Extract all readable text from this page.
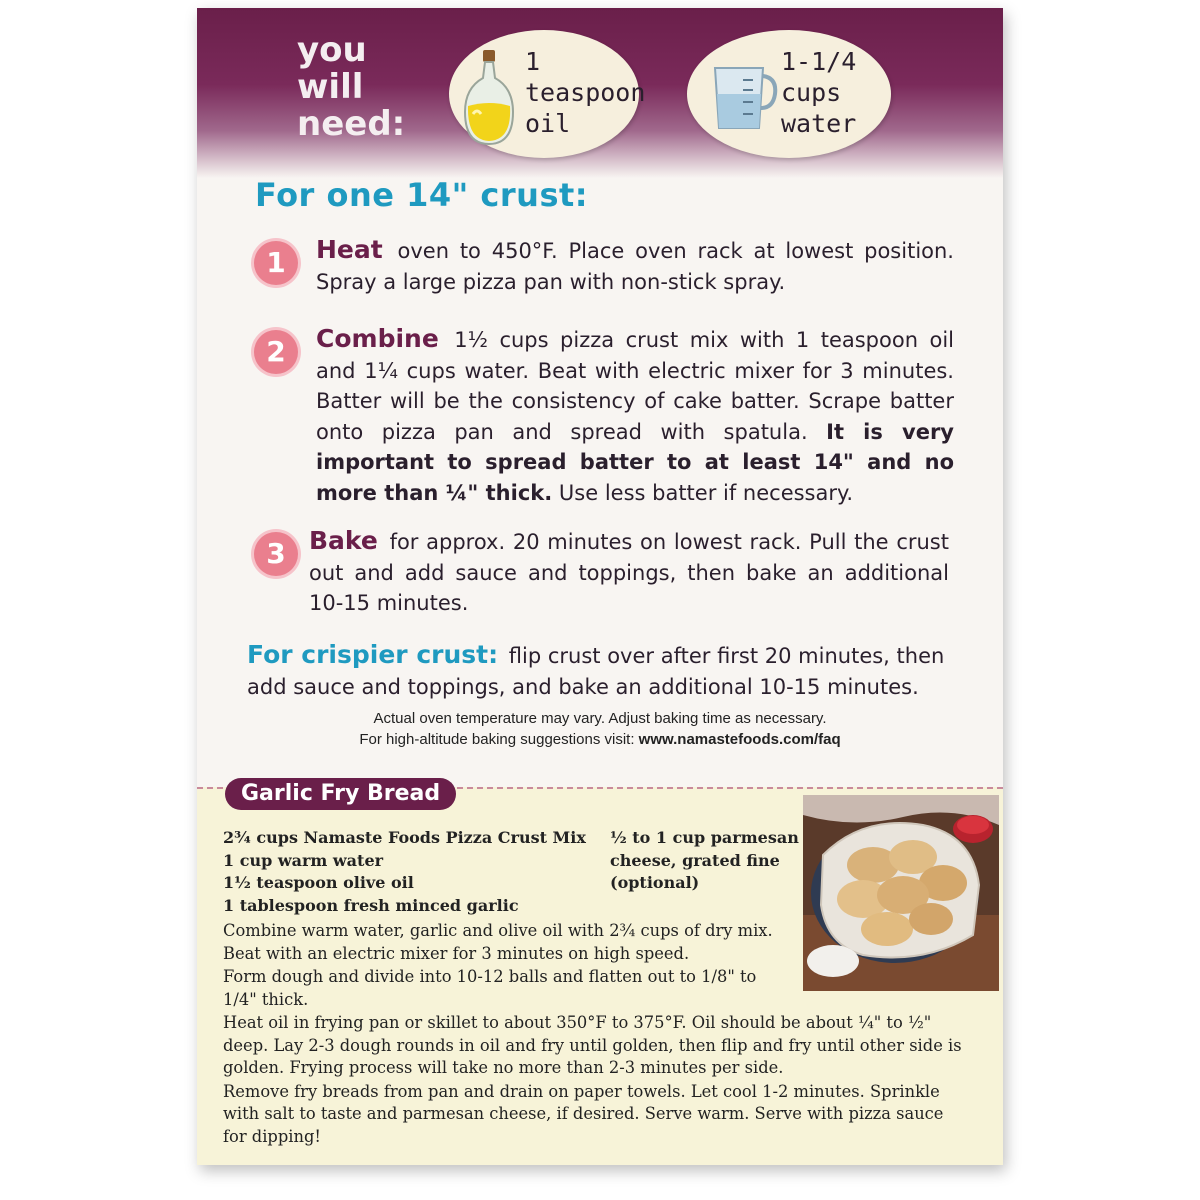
you
will
need:
1
teaspoon
oil
1-1/4
cups
water
For one 14" crust:
1	Heat oven to 450°F. Place oven rack at lowest position. Spray a large pizza pan with non-stick spray.
2	Combine 1½ cups pizza crust mix with 1 teaspoon oil and 1¼ cups water. Beat with electric mixer for 3 minutes. Batter will be the consistency of cake batter. Scrape batter onto pizza pan and spread with spatula. It is very important to spread batter to at least 14" and no more than ¼" thick. Use less batter if necessary.
3 Bake for approx. 20 minutes on lowest rack. Pull the crust out and add sauce and toppings, then bake an additional 10-15 minutes.
For crispier crust: flip crust over after first 20 minutes, then add sauce and toppings, and bake an additional 10-15 minutes.
Actual oven temperature may vary. Adjust baking time as necessary.
For high-altitude baking suggestions visit: www.namastefoods.com/faq
Garlic Fry Bread
2¾ cups Namaste Foods Pizza Crust Mix
1 cup warm water
1½ teaspoon olive oil
1 tablespoon fresh minced garlic
½ to 1 cup parmesan
cheese, grated fine
(optional)

Combine warm water, garlic and olive oil with 2¾ cups of dry mix. Beat with an electric mixer for 3 minutes on high speed.

Form dough and divide into 10-12 balls and flatten out to 1/8" to 1/4" thick.

Heat oil in frying pan or skillet to about 350°F to 375°F. Oil should be about ¼" to ½" deep. Lay 2-3 dough rounds in oil and fry until golden, then flip and fry until other side is golden. Frying process will take no more than 2-3 minutes per side.

Remove fry breads from pan and drain on paper towels. Let cool 1-2 minutes. Sprinkle with salt to taste and parmesan cheese, if desired. Serve warm. Serve with pizza sauce for dipping!
